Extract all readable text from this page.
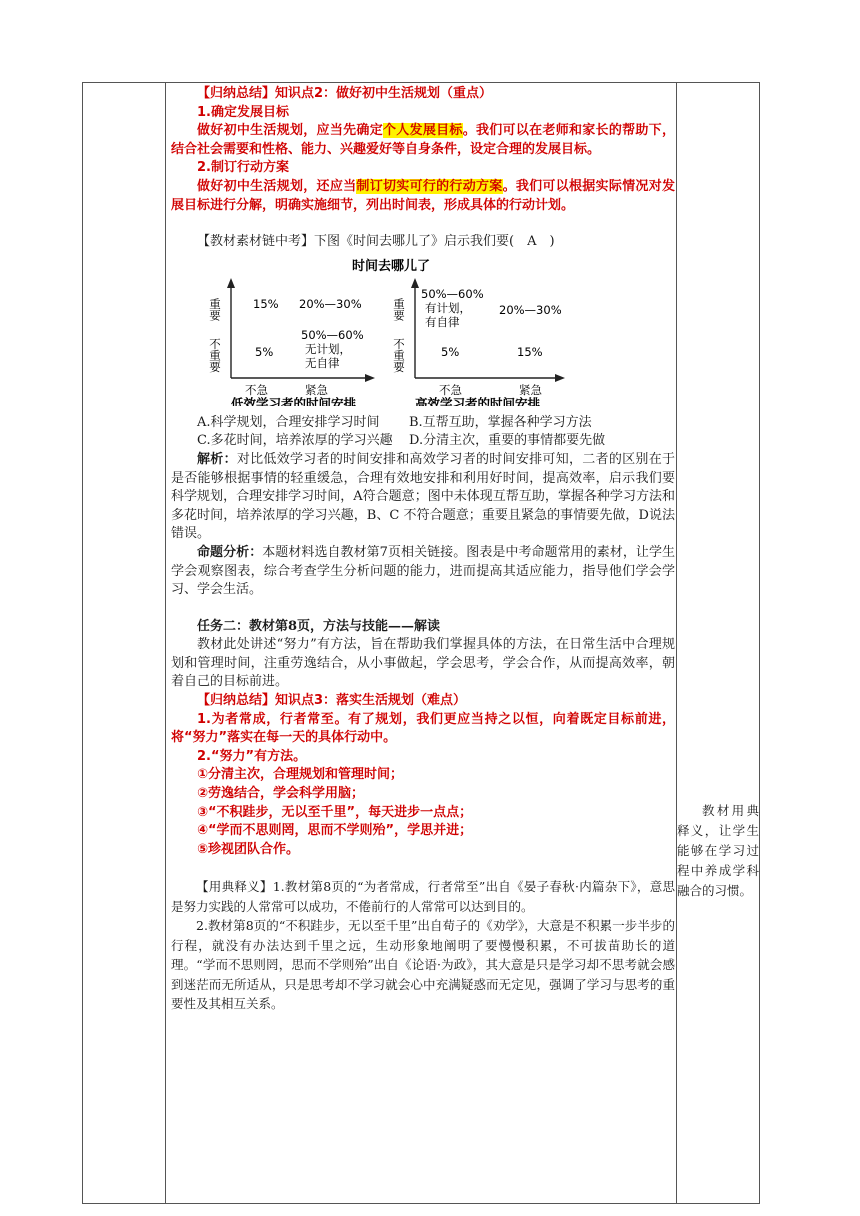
【归纳总结】知识点2：做好初中生活规划（重点）

1.确定发展目标

做好初中生活规划，应当先确定个人发展目标。我们可以在老师和家长的帮助下，结合社会需要和性格、能力、兴趣爱好等自身条件，设定合理的发展目标。

2.制订行动方案

做好初中生活规划，还应当制订切实可行的行动方案。我们可以根据实际情况对发展目标进行分解，明确实施细节，列出时间表，形成具体的行动计划。

【教材素材链中考】下图《时间去哪儿了》启示我们要(　A　)

时间去哪儿了
重要
不重要
15% 20%—30%
5%
50%—60%
无计划，
无自律
不急	紧急
低效学习者的时间安排
重要
不重要
50%—60%
有计划，
有自律
20%—30%
5%	15%
不急	紧急
高效学习者的时间安排

A.科学规划，合理安排学习时间	B.互帮互助，掌握各种学习方法

C.多花时间，培养浓厚的学习兴趣	D.分清主次，重要的事情都要先做

解析：对比低效学习者的时间安排和高效学习者的时间安排可知，二者的区别在于是否能够根据事情的轻重缓急，合理有效地安排和利用好时间，提高效率，启示我们要科学规划，合理安排学习时间，A符合题意；图中未体现互帮互助，掌握各种学习方法和多花时间，培养浓厚的学习兴趣，B、C 不符合题意；重要且紧急的事情要先做，D说法错误。

命题分析：本题材料选自教材第7页相关链接。图表是中考命题常用的素材，让学生学会观察图表，综合考查学生分析问题的能力，进而提高其适应能力，指导他们学会学习、学会生活。

任务二：教材第8页，方法与技能——解读

教材此处讲述“努力”有方法，旨在帮助我们掌握具体的方法，在日常生活中合理规划和管理时间，注重劳逸结合，从小事做起，学会思考，学会合作，从而提高效率，朝着自己的目标前进。

【归纳总结】知识点3：落实生活规划（难点）

1.为者常成，行者常至。有了规划，我们更应当持之以恒，向着既定目标前进，将“努力”落实在每一天的具体行动中。

2.“努力”有方法。

①分清主次，合理规划和管理时间；

②劳逸结合，学会科学用脑；

③“不积跬步，无以至千里”，每天进步一点点；

④“学而不思则罔，思而不学则殆”，学思并进；

⑤珍视团队合作。

【用典释义】1.教材第8页的“为者常成，行者常至”出自《晏子春秋·内篇杂下》，意思是努力实践的人常常可以成功，不倦前行的人常常可以达到目的。

2.教材第8页的“不积跬步，无以至千里”出自荀子的《劝学》，大意是不积累一步半步的行程，就没有办法达到千里之远，生动形象地阐明了要慢慢积累，不可拔苗助长的道理。“学而不思则罔，思而不学则殆”出自《论语·为政》，其大意是只是学习却不思考就会感到迷茫而无所适从，只是思考却不学习就会心中充满疑惑而无定见，强调了学习与思考的重要性及其相互关系。

教材用典释义，让学生能够在学习过程中养成学科融合的习惯。
